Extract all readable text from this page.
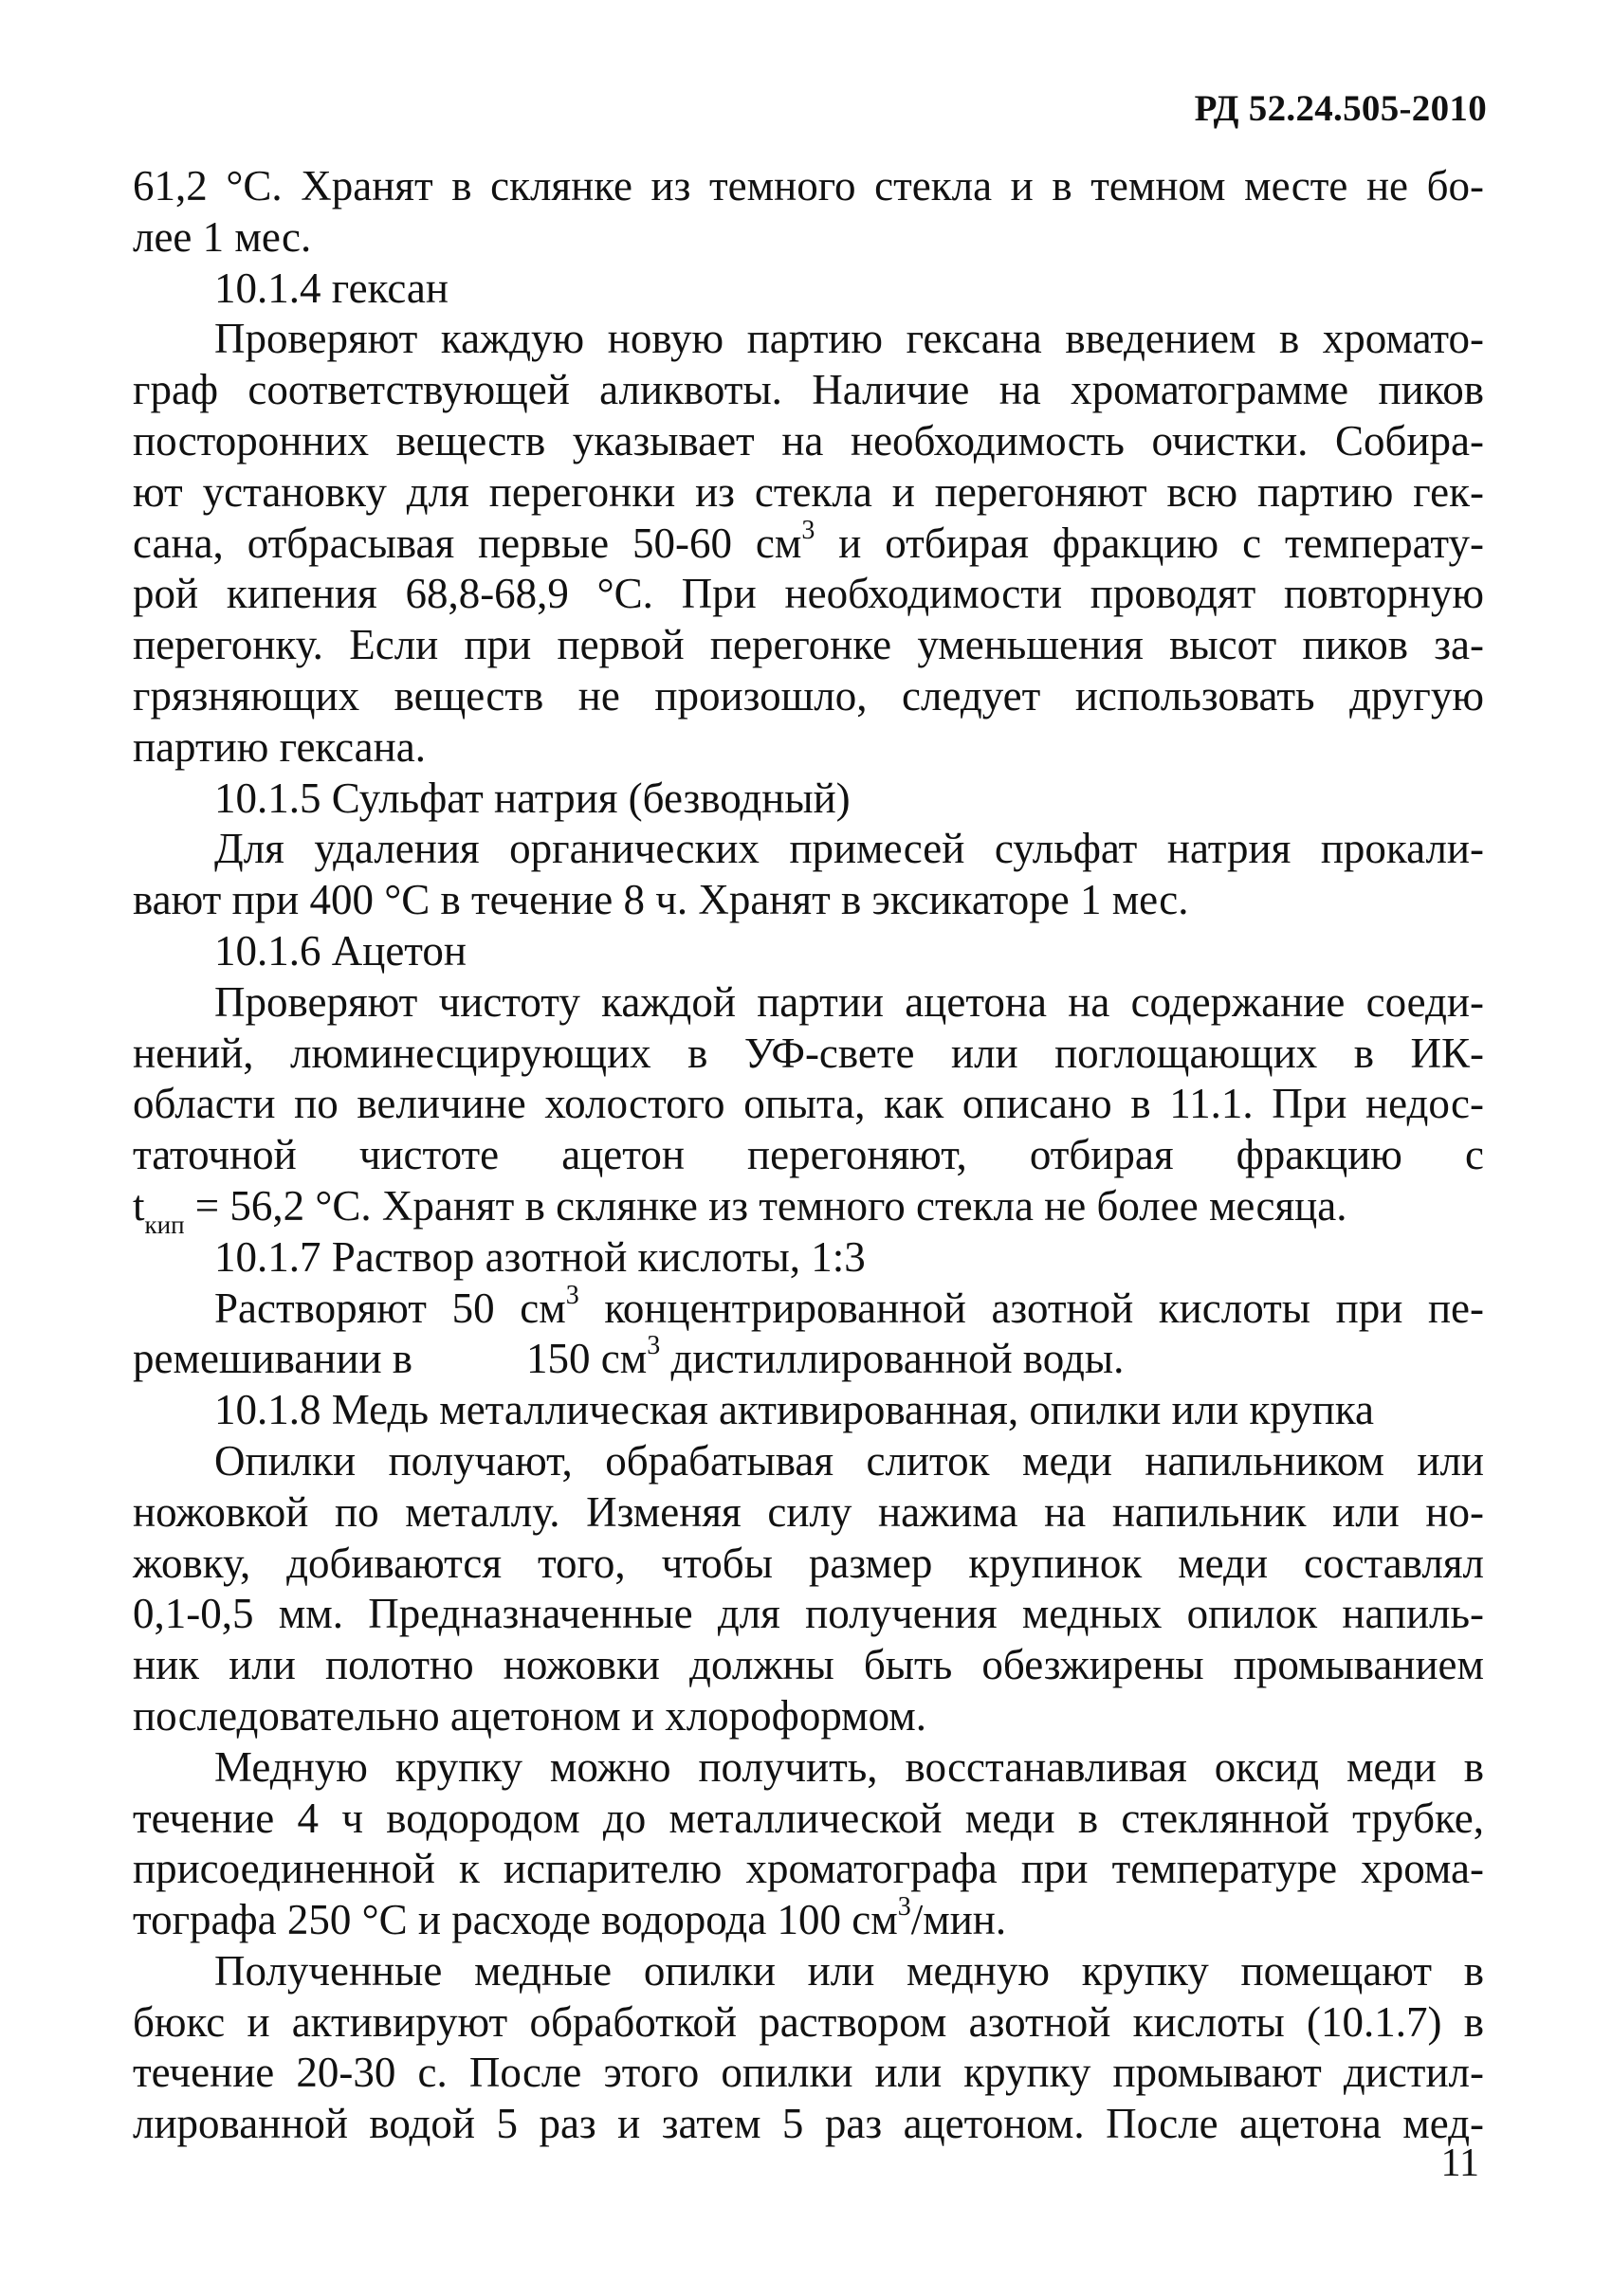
РД 52.24.505-2010
61,2 °С. Хранят в склянке из темного стекла и в темном месте не бо-
лее 1 мес.
10.1.4 гексан
Проверяют каждую новую партию гексана введением в хромато-
граф соответствующей аликвоты. Наличие на хроматограмме пиков
посторонних веществ указывает на необходимость очистки. Собира-
ют установку для перегонки из стекла и перегоняют всю партию гек-
сана, отбрасывая первые 50-60 $см^3$ и отбирая фракцию с температу-
рой кипения 68,8-68,9 °С. При необходимости проводят повторную
перегонку. Если при первой перегонке уменьшения высот пиков за-
грязняющих веществ не произошло, следует использовать другую
партию гексана.
10.1.5 Сульфат натрия (безводный)
Для удаления органических примесей сульфат натрия прокали-
вают при 400 °С в течение 8 ч. Хранят в эксикаторе 1 мес.
10.1.6 Ацетон
Проверяют чистоту каждой партии ацетона на содержание соеди-
нений, люминесцирующих в УФ-свете или поглощающих в ИК-
области по величине холостого опыта, как описано в 11.1. При недос-
таточной чистоте ацетон перегоняют, отбирая фракцию с
$t_{кип} = 56,2$ °С. Хранят в склянке из темного стекла не более месяца.
10.1.7 Раствор азотной кислоты, 1:3
Растворяют 50 $см^3$ концентрированной азотной кислоты при пе-
ремешивании в	150 $см^3$ дистиллированной воды.
10.1.8 Медь металлическая активированная, опилки или крупка
Опилки получают, обрабатывая слиток меди напильником или
ножовкой по металлу. Изменяя силу нажима на напильник или но-
жовку, добиваются того, чтобы размер крупинок меди составлял
0,1-0,5 мм. Предназначенные для получения медных опилок напиль-
ник или полотно ножовки должны быть обезжирены промыванием
последовательно ацетоном и хлороформом.
Медную крупку можно получить, восстанавливая оксид меди в
течение 4 ч водородом до металлической меди в стеклянной трубке,
присоединенной к испарителю хроматографа при температуре хрома-
тографа 250 °С и расходе водорода 100 $см^3$/мин.
Полученные медные опилки или медную крупку помещают в
бюкс и активируют обработкой раствором азотной кислоты (10.1.7) в
течение 20-30 с. После этого опилки или крупку промывают дистил-
лированной водой 5 раз и затем 5 раз ацетоном. После ацетона мед-
11
